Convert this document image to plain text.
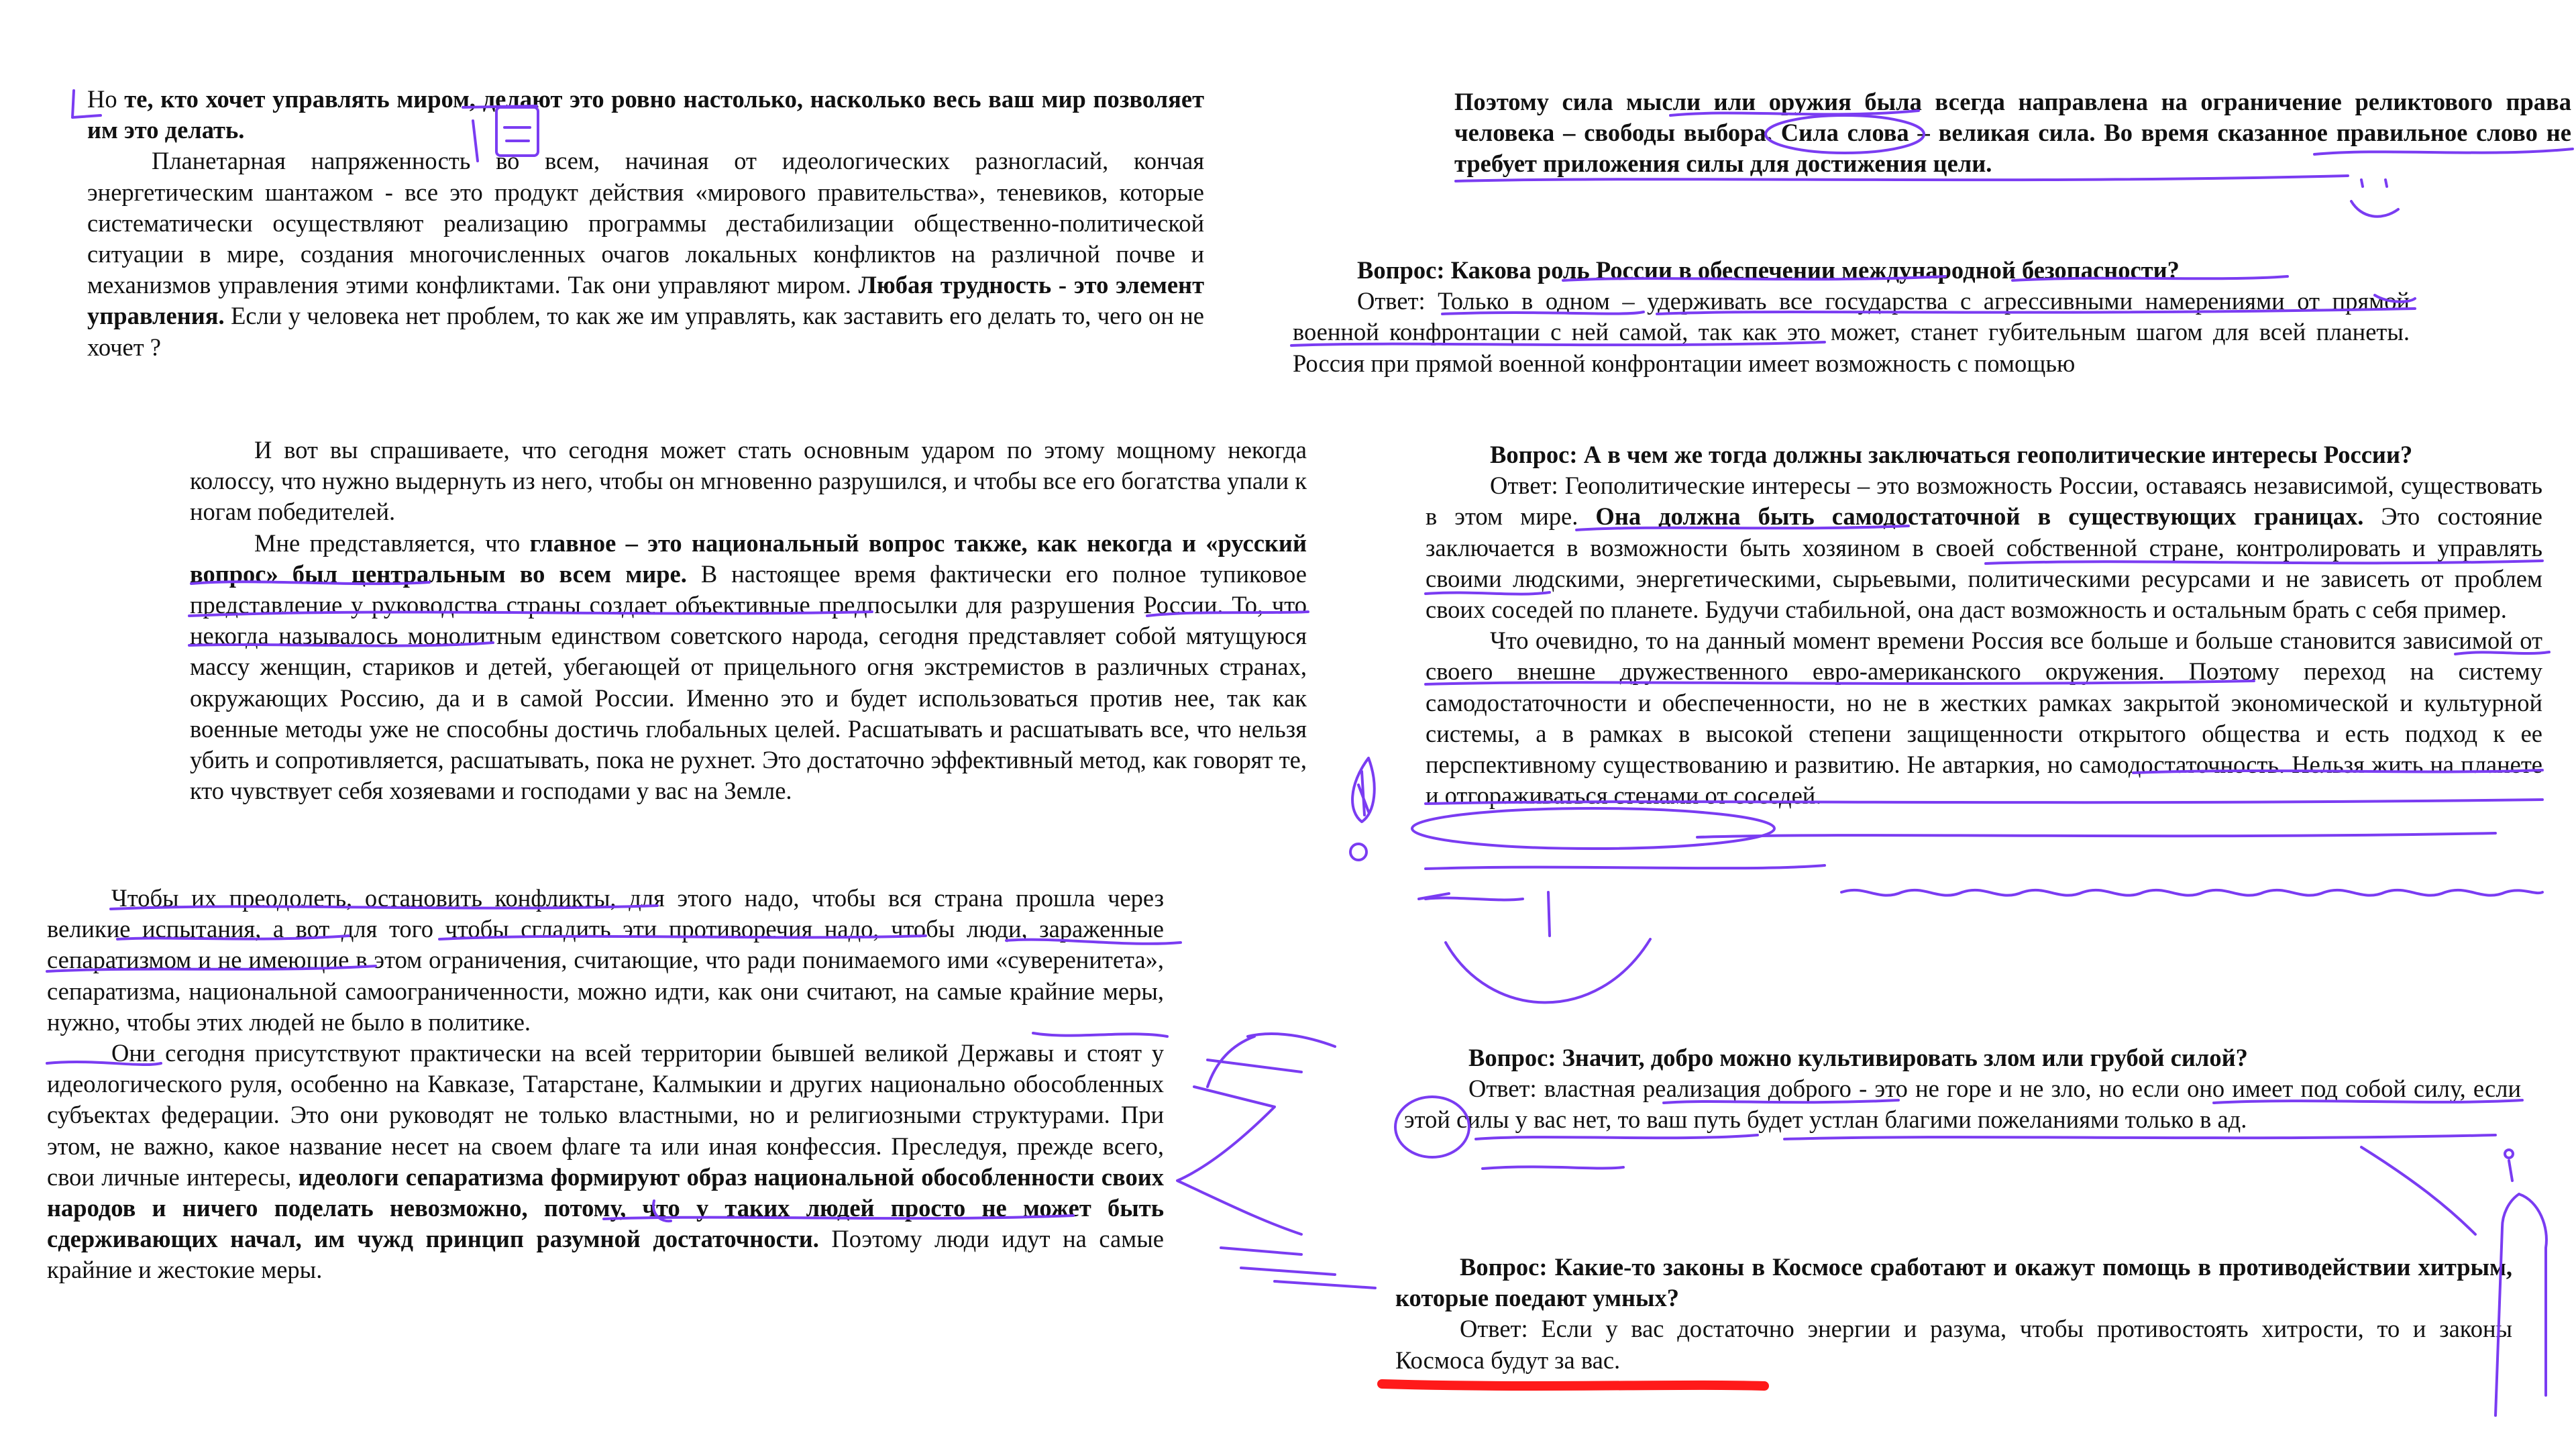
Но те, кто хочет управлять миром, делают это ровно настолько, насколько весь ваш мир позволяет им это делать.

Планетарная напряженность во всем, начиная от идеологических разногласий, кончая энергетическим шантажом - все это продукт действия «мирового правительства», теневиков, которые систематически осуществляют реализацию программы дестабилизации общественно-политической ситуации в мире, создания многочисленных очагов локальных конфликтов на различной почве и механизмов управления этими конфликтами. Так они управляют миром. Любая трудность - это элемент управления. Если у человека нет проблем, то как же им управлять, как заставить его делать то, чего он не хочет ?

И вот вы спрашиваете, что сегодня может стать основным ударом по этому мощному некогда колоссу, что нужно выдернуть из него, чтобы он мгновенно разрушился, и чтобы все его богатства упали к ногам победителей.

Мне представляется, что главное – это национальный вопрос также, как некогда и «русский вопрос» был центральным во всем мире. В настоящее время фактически его полное тупиковое представление у руководства страны создает объективные предпосылки для разрушения России. То, что некогда называлось монолитным единством советского народа, сегодня представляет собой мятущуюся массу женщин, стариков и детей, убегающей от прицельного огня экстремистов в различных странах, окружающих Россию, да и в самой России. Именно это и будет использоваться против нее, так как военные методы уже не способны достичь глобальных целей. Расшатывать и расшатывать все, что нельзя убить и сопротивляется, расшатывать, пока не рухнет. Это достаточно эффективный метод, как говорят те, кто чувствует себя хозяевами и господами у вас на Земле.

Чтобы их преодолеть, остановить конфликты, для этого надо, чтобы вся страна прошла через великие испытания, а вот для того чтобы сгладить эти противоречия надо, чтобы люди, зараженные сепаратизмом и не имеющие в этом ограничения, считающие, что ради понимаемого ими «суверенитета», сепаратизма, национальной самоограниченности, можно идти, как они считают, на самые крайние меры, нужно, чтобы этих людей не было в политике.

Они сегодня присутствуют практически на всей территории бывшей великой Державы и стоят у идеологического руля, особенно на Кавказе, Татарстане, Калмыкии и других национально обособленных субъектах федерации. Это они руководят не только властными, но и религиозными структурами. При этом, не важно, какое название несет на своем флаге та или иная конфессия. Преследуя, прежде всего, свои личные интересы, идеологи сепаратизма формируют образ национальной обособленности своих народов и ничего поделать невозможно, потому, что у таких людей просто не может быть сдерживающих начал, им чужд принцип разумной достаточности. Поэтому люди идут на самые крайние и жестокие меры.

Поэтому сила мысли или оружия была всегда направлена на ограничение реликтового права человека – свободы выбора. Сила слова – великая сила. Во время сказанное правильное слово не требует приложения силы для достижения цели.

Вопрос: Какова роль России в обеспечении международной безопасности?

Ответ: Только в одном – удерживать все государства с агрессивными намерениями от прямой военной конфронтации с ней самой, так как это может, станет губительным шагом для всей планеты. Россия при прямой военной конфронтации имеет возможность с помощью

Вопрос: А в чем же тогда должны заключаться геополитические интересы России?

Ответ: Геополитические интересы – это возможность России, оставаясь независимой, существовать в этом мире. Она должна быть самодостаточной в существующих границах. Это состояние заключается в возможности быть хозяином в своей собственной стране, контролировать и управлять своими людскими, энергетическими, сырьевыми, политическими ресурсами и не зависеть от проблем своих соседей по планете. Будучи стабильной, она даст возможность и остальным брать с себя пример.

Что очевидно, то на данный момент времени Россия все больше и больше становится зависимой от своего внешне дружественного евро-американского окружения. Поэтому переход на систему самодостаточности и обеспеченности, но не в жестких рамках закрытой экономической и культурной системы, а в рамках в высокой степени защищенности открытого общества и есть подход к ее перспективному существованию и развитию. Не автаркия, но самодостаточность. Нельзя жить на планете и отгораживаться стенами от соседей.

Вопрос: Значит, добро можно культивировать злом или грубой силой?

Ответ: властная реализация доброго - это не горе и не зло, но если оно имеет под собой силу, если этой силы у вас нет, то ваш путь будет устлан благими пожеланиями только в ад.

Вопрос: Какие-то законы в Космосе сработают и окажут помощь в противодействии хитрым, которые поедают умных?

Ответ: Если у вас достаточно энергии и разума, чтобы противостоять хитрости, то и законы Космоса будут за вас.
